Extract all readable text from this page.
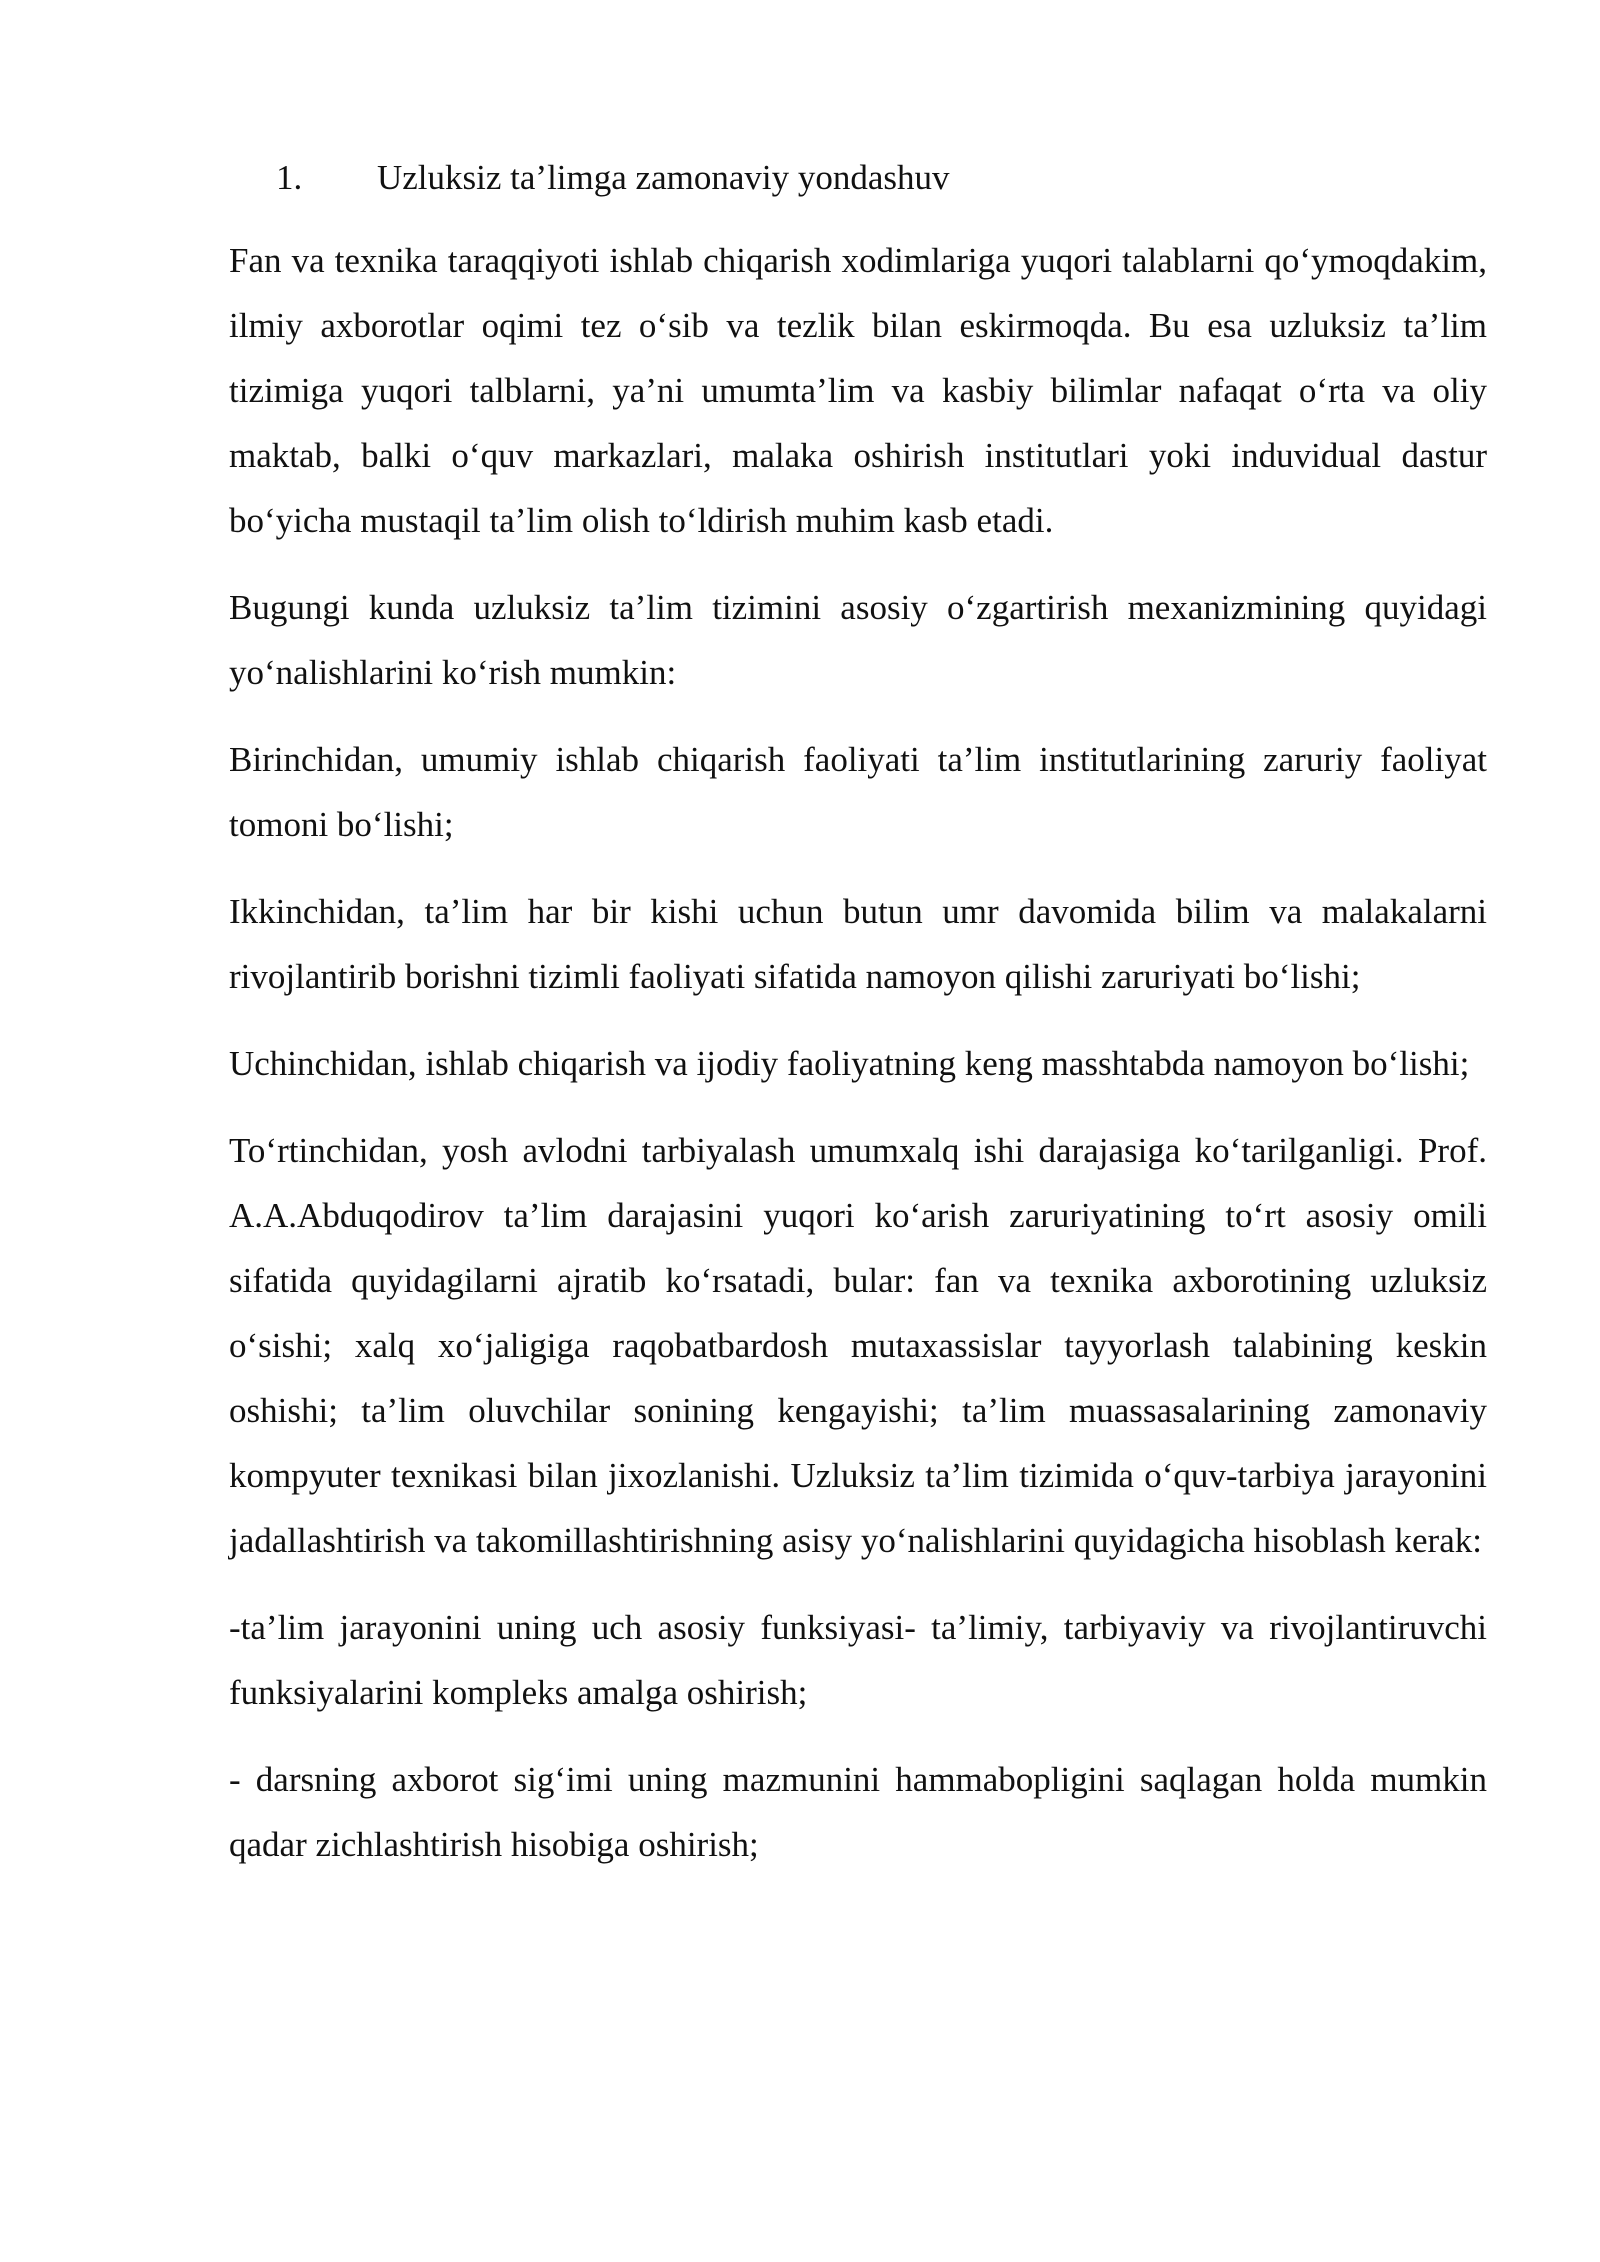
1.	Uzluksiz ta’limga zamonaviy yondashuv

Fan va texnika taraqqiyoti ishlab chiqarish xodimlariga yuqori talablarni qo‘ymoqdakim, ilmiy axborotlar oqimi tez o‘sib va tezlik bilan eskirmoqda. Bu esa uzluksiz ta’lim tizimiga yuqori talblarni, ya’ni umumta’lim va kasbiy bilimlar nafaqat o‘rta va oliy maktab, balki o‘quv markazlari, malaka oshirish institutlari yoki induvidual dastur bo‘yicha mustaqil ta’lim olish to‘ldirish muhim kasb etadi.

Bugungi kunda uzluksiz ta’lim tizimini asosiy o‘zgartirish mexanizmining quyidagi yo‘nalishlarini ko‘rish mumkin:

Birinchidan, umumiy ishlab chiqarish faoliyati ta’lim institutlarining zaruriy faoliyat tomoni bo‘lishi;

Ikkinchidan, ta’lim har bir kishi uchun butun umr davomida bilim va malakalarni rivojlantirib borishni tizimli faoliyati sifatida namoyon qilishi zaruriyati bo‘lishi;

Uchinchidan, ishlab chiqarish va ijodiy faoliyatning keng masshtabda namoyon bo‘lishi;

To‘rtinchidan, yosh avlodni tarbiyalash umumxalq ishi darajasiga ko‘tarilganligi. Prof. A.A.Abduqodirov ta’lim darajasini yuqori ko‘arish zaruriyatining to‘rt asosiy omili sifatida quyidagilarni ajratib ko‘rsatadi, bular: fan va texnika axborotining uzluksiz o‘sishi; xalq xo‘jaligiga raqobatbardosh mutaxassislar tayyorlash talabining keskin oshishi; ta’lim oluvchilar sonining kengayishi; ta’lim muassasalarining zamonaviy kompyuter texnikasi bilan jixozlanishi. Uzluksiz ta’lim tizimida o‘quv-tarbiya jarayonini jadallashtirish va takomillashtirishning asisy yo‘nalishlarini quyidagicha hisoblash kerak:

-ta’lim jarayonini uning uch asosiy funksiyasi- ta’limiy, tarbiyaviy va rivojlantiruvchi funksiyalarini kompleks amalga oshirish;

- darsning axborot sig‘imi uning mazmunini hammabopligini saqlagan holda mumkin qadar zichlashtirish hisobiga oshirish;
